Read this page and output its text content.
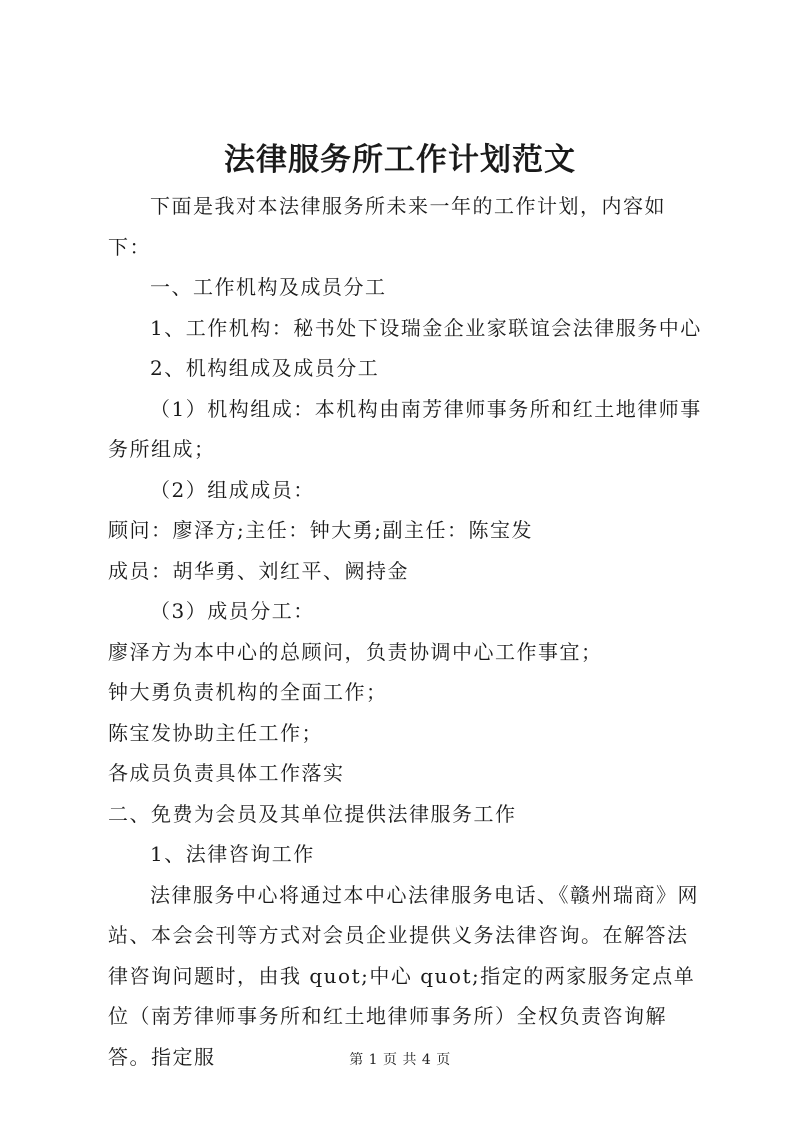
法律服务所工作计划范文

下面是我对本法律服务所未来一年的工作计划，内容如下：

一、工作机构及成员分工

1、工作机构：秘书处下设瑞金企业家联谊会法律服务中心

2、机构组成及成员分工

（1）机构组成：本机构由南芳律师事务所和红土地律师事务所组成；

（2）组成成员：

顾问：廖泽方;主任：钟大勇;副主任：陈宝发

成员：胡华勇、刘红平、阙持金

（3）成员分工：

廖泽方为本中心的总顾问，负责协调中心工作事宜；

钟大勇负责机构的全面工作；

陈宝发协助主任工作；

各成员负责具体工作落实

二、免费为会员及其单位提供法律服务工作

1、法律咨询工作

法律服务中心将通过本中心法律服务电话、《赣州瑞商》网站、本会会刊等方式对会员企业提供义务法律咨询。在解答法律咨询问题时，由我 quot;中心 quot;指定的两家服务定点单位（南芳律师事务所和红土地律师事务所）全权负责咨询解答。指定服	第 1 页 共 4 页
